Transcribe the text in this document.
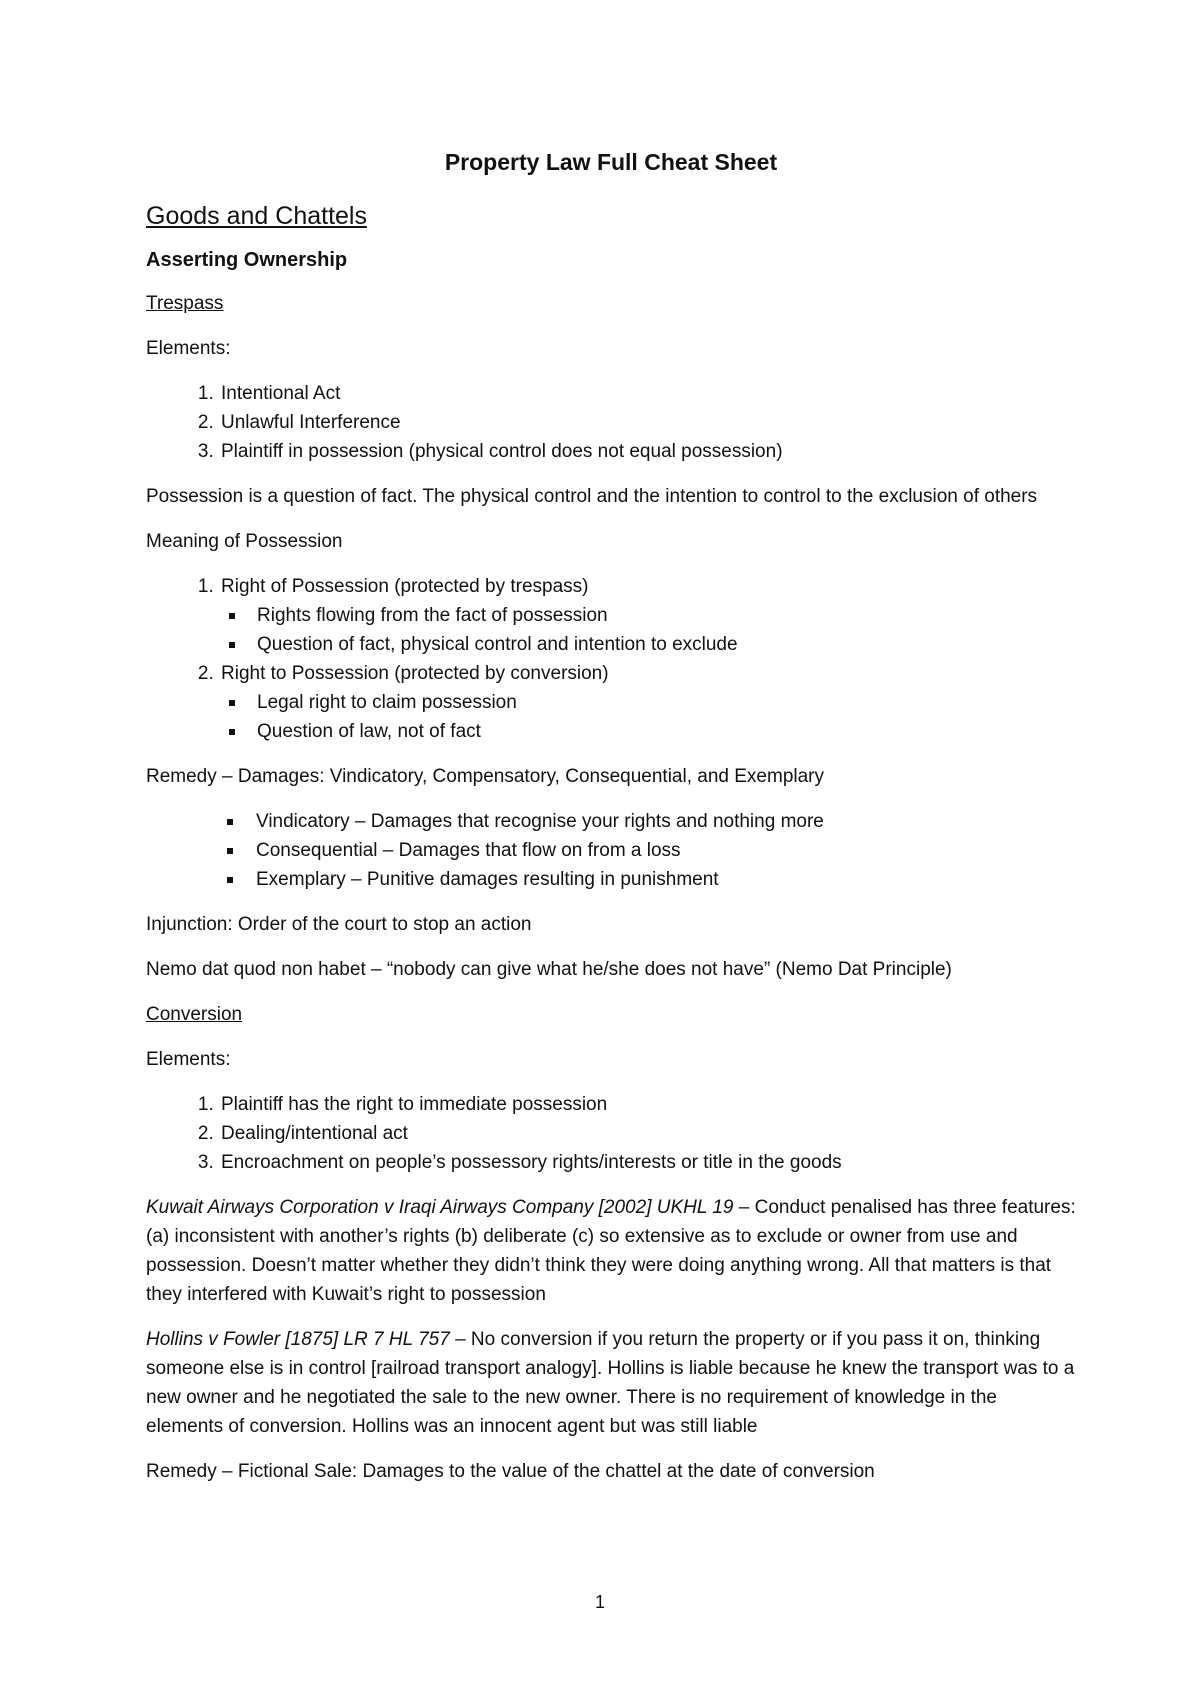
Property Law Full Cheat Sheet
Goods and Chattels
Asserting Ownership

Trespass

Elements:

1. Intentional Act
2. Unlawful Interference
3. Plaintiff in possession (physical control does not equal possession)

Possession is a question of fact. The physical control and the intention to control to the exclusion of others

Meaning of Possession

1. Right of Possession (protected by trespass)
Rights flowing from the fact of possession
Question of fact, physical control and intention to exclude
2. Right to Possession (protected by conversion)
Legal right to claim possession
Question of law, not of fact

Remedy – Damages: Vindicatory, Compensatory, Consequential, and Exemplary

Vindicatory – Damages that recognise your rights and nothing more
Consequential – Damages that flow on from a loss
Exemplary – Punitive damages resulting in punishment

Injunction: Order of the court to stop an action

Nemo dat quod non habet – “nobody can give what he/she does not have” (Nemo Dat Principle)

Conversion

Elements:

1. Plaintiff has the right to immediate possession
2. Dealing/intentional act
3. Encroachment on people’s possessory rights/interests or title in the goods

Kuwait Airways Corporation v Iraqi Airways Company [2002] UKHL 19 – Conduct penalised has three features: (a) inconsistent with another’s rights (b) deliberate (c) so extensive as to exclude or owner from use and possession. Doesn’t matter whether they didn’t think they were doing anything wrong. All that matters is that they interfered with Kuwait’s right to possession

Hollins v Fowler [1875] LR 7 HL 757 – No conversion if you return the property or if you pass it on, thinking someone else is in control [railroad transport analogy]. Hollins is liable because he knew the transport was to a new owner and he negotiated the sale to the new owner. There is no requirement of knowledge in the elements of conversion. Hollins was an innocent agent but was still liable

Remedy – Fictional Sale: Damages to the value of the chattel at the date of conversion

1
